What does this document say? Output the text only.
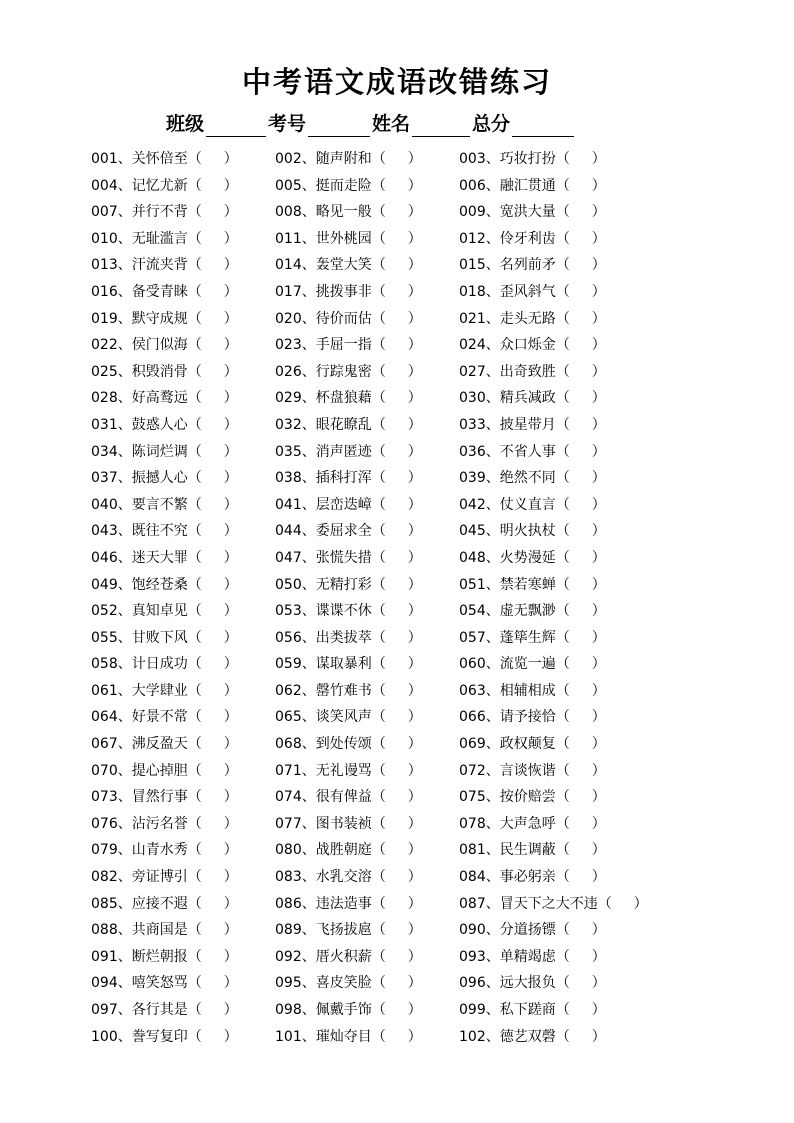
中考语文成语改错练习
班级	考号	姓名	总分
001、关怀倍至（ ）	002、随声附和（ ）	003、巧妆打扮（ ）
004、记忆尤新（ ）	005、挺而走险（ ）	006、融汇贯通（ ）
007、并行不背（ ）	008、略见一般（ ）	009、宽洪大量（ ）
010、无耻滥言（ ）	011、世外桃园（ ）	012、伶牙利齿（ ）
013、汗流夹背（ ）	014、轰堂大笑（ ）	015、名列前矛（ ）
016、备受青睐（ ）	017、挑拨事非（ ）	018、歪风斜气（ ）
019、默守成规（ ）	020、待价而估（ ）	021、走头无路（ ）
022、侯门似海（ ）	023、手屈一指（ ）	024、众口烁金（ ）
025、积毁消骨（ ）	026、行踪鬼密（ ）	027、出奇致胜（ ）
028、好高鹜远（ ）	029、杯盘狼藉（ ）	030、精兵减政（ ）
031、鼓惑人心（ ）	032、眼花瞭乱（ ）	033、披星带月（ ）
034、陈词烂调（ ）	035、消声匿迹（ ）	036、不省人事（ ）
037、振撼人心（ ）	038、插科打浑（ ）	039、绝然不同（ ）
040、要言不繁（ ）	041、层峦迭嶂（ ）	042、仗义直言（ ）
043、既往不究（ ）	044、委屈求全（ ）	045、明火执杖（ ）
046、迷天大罪（ ）	047、张慌失措（ ）	048、火势漫延（ ）
049、饱经苍桑（ ）	050、无精打彩（ ）	051、禁若寒蝉（ ）
052、真知卓见（ ）	053、谍谍不休（ ）	054、虚无飘渺（ ）
055、甘败下风（ ）	056、出类拔萃（ ）	057、蓬筚生辉（ ）
058、计日成功（ ）	059、谋取暴利（ ）	060、流览一遍（ ）
061、大学肆业（ ）	062、罄竹难书（ ）	063、相辅相成（ ）
064、好景不常（ ）	065、谈笑风声（ ）	066、请予接恰（ ）
067、沸反盈天（ ）	068、到处传颂（ ）	069、政权颠复（ ）
070、提心掉胆（ ）	071、无礼谩骂（ ）	072、言谈恢谐（ ）
073、冒然行事（ ）	074、很有俾益（ ）	075、按价赔尝（ ）
076、沾污名誉（ ）	077、图书装祯（ ）	078、大声急呼（ ）
079、山青水秀（ ）	080、战胜朝庭（ ）	081、民生调蔽（ ）
082、旁证博引（ ）	083、水乳交溶（ ）	084、事必躬亲（ ）
085、应接不遐（ ）	086、违法造事（ ）	087、冒天下之大不违（ ）
088、共商国是（ ）	089、飞扬拔扈（ ）	090、分道扬镖（ ）
091、断烂朝报（ ）	092、厝火积薪（ ）	093、单精竭虑（ ）
094、嘻笑怒骂（ ）	095、喜皮笑脸（ ）	096、远大报负（ ）
097、各行其是（ ）	098、佩戴手饰（ ）	099、私下蹉商（ ）
100、誊写复印（ ）	101、璀灿夺目（ ）	102、德艺双磬（ ）
